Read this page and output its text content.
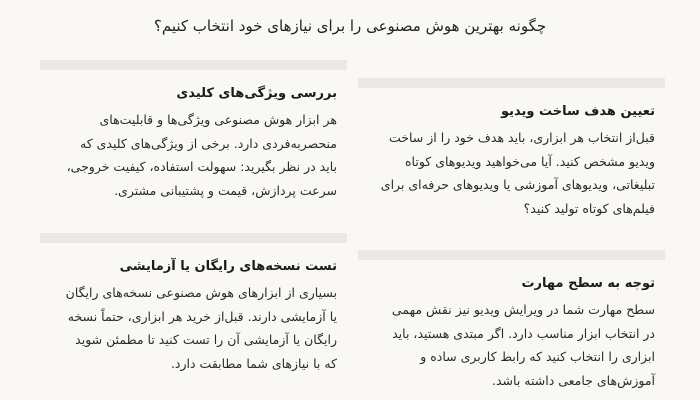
چگونه بهترین هوش مصنوعی را برای نیازهای خود انتخاب کنیم؟
تعیین هدف ساخت ویدیو
قبل‌از انتخاب هر ابزاری، باید هدف خود را از ساخت ویدیو مشخص کنید. آیا می‌خواهید ویدیوهای کوتاه تبلیغاتی، ویدیوهای آموزشی یا ویدیوهای حرفه‌ای برای فیلم‌های کوتاه تولید کنید؟
بررسی ویژگی‌های کلیدی
هر ابزار هوش مصنوعی ویژگی‌ها و قابلیت‌های منحصربه‌فردی دارد. برخی از ویژگی‌های کلیدی که باید در نظر بگیرید: سهولت استفاده، کیفیت خروجی، سرعت پردازش، قیمت و پشتیبانی مشتری.
توجه به سطح مهارت
سطح مهارت شما در ویرایش ویدیو نیز نقش مهمی در انتخاب ابزار مناسب دارد. اگر مبتدی هستید، باید ابزاری را انتخاب کنید که رابط کاربری ساده و آموزش‌های جامعی داشته باشد.
تست نسخه‌های رایگان یا آزمایشی
بسیاری از ابزارهای هوش مصنوعی نسخه‌های رایگان یا آزمایشی دارند. قبل‌از خرید هر ابزاری، حتماً نسخه رایگان یا آزمایشی آن را تست کنید تا مطمئن شوید که با نیازهای شما مطابقت دارد.
